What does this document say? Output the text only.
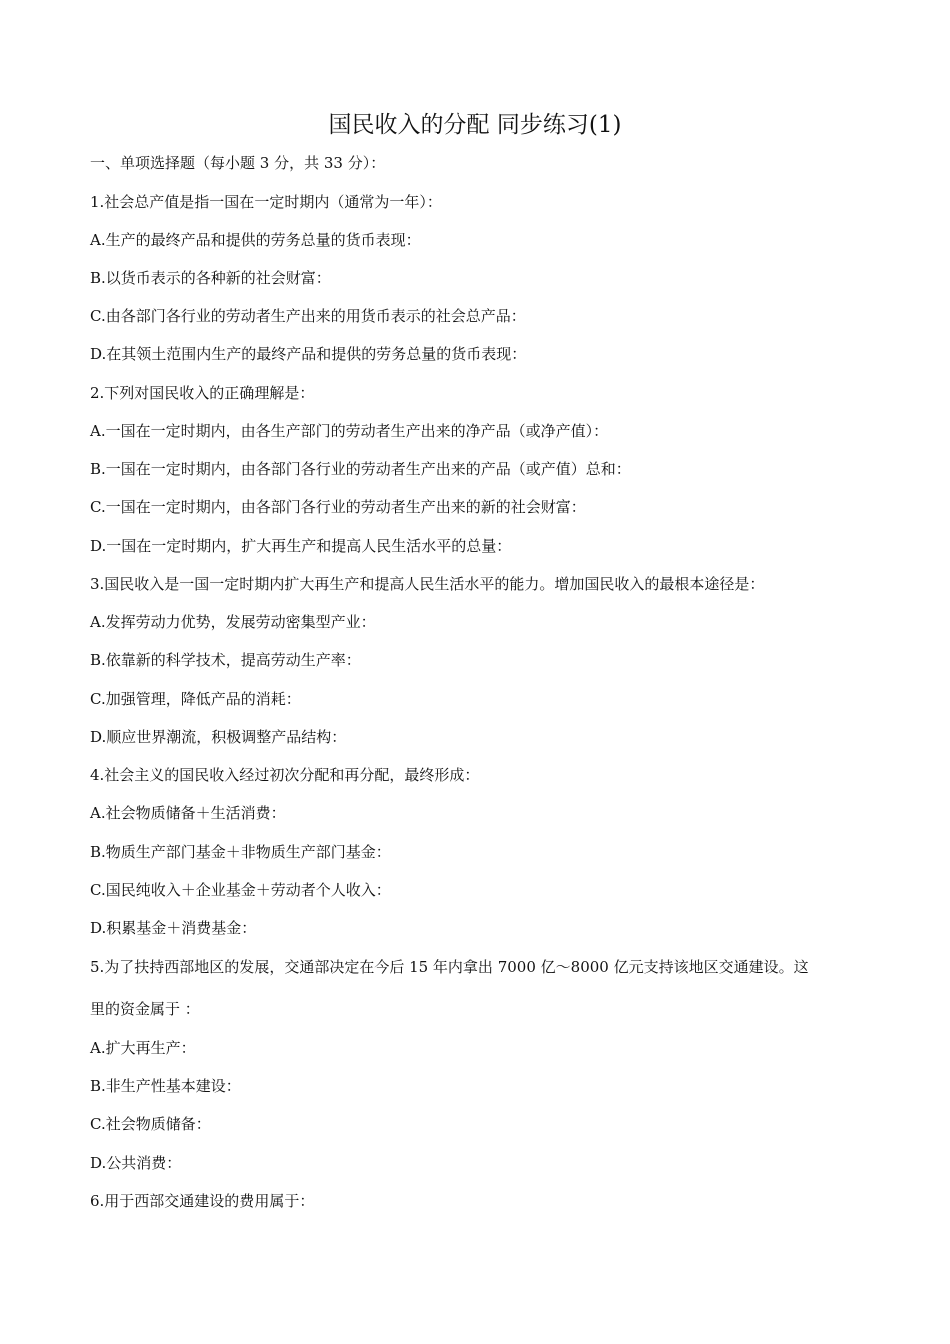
国民收入的分配 同步练习(1)
一、单项选择题（每小题 3 分，共 33 分）：
1.社会总产值是指一国在一定时期内（通常为一年）：
A.生产的最终产品和提供的劳务总量的货币表现：
B.以货币表示的各种新的社会财富：
C.由各部门各行业的劳动者生产出来的用货币表示的社会总产品：
D.在其领土范围内生产的最终产品和提供的劳务总量的货币表现：
2.下列对国民收入的正确理解是：
A.一国在一定时期内，由各生产部门的劳动者生产出来的净产品（或净产值）：
B.一国在一定时期内，由各部门各行业的劳动者生产出来的产品（或产值）总和：
C.一国在一定时期内，由各部门各行业的劳动者生产出来的新的社会财富：
D.一国在一定时期内，扩大再生产和提高人民生活水平的总量：
3.国民收入是一国一定时期内扩大再生产和提高人民生活水平的能力。增加国民收入的最根本途径是：
A.发挥劳动力优势，发展劳动密集型产业：
B.依靠新的科学技术，提高劳动生产率：
C.加强管理，降低产品的消耗：
D.顺应世界潮流，积极调整产品结构：
4.社会主义的国民收入经过初次分配和再分配，最终形成：
A.社会物质储备＋生活消费：
B.物质生产部门基金＋非物质生产部门基金：
C.国民纯收入＋企业基金＋劳动者个人收入：
D.积累基金＋消费基金：
5.为了扶持西部地区的发展，交通部决定在今后 15 年内拿出 7000 亿～8000 亿元支持该地区交通建设。这
里的资金属于 ：
A.扩大再生产：
B.非生产性基本建设：
C.社会物质储备：
D.公共消费：
6.用于西部交通建设的费用属于：
